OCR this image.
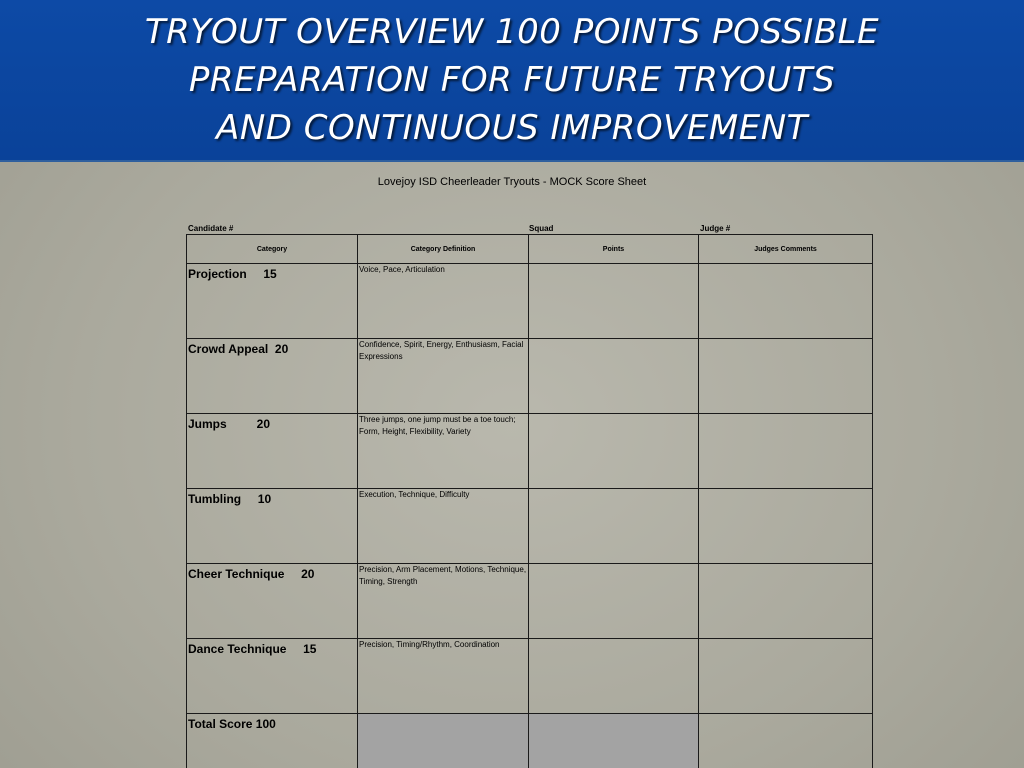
TRYOUT OVERVIEW 100 POINTS POSSIBLE
PREPARATION FOR FUTURE TRYOUTS
AND CONTINUOUS IMPROVEMENT
Lovejoy ISD Cheerleader Tryouts - MOCK Score Sheet
Candidate #	Squad	Judge #
Category	Category Definition	Points	Judges Comments
Projection     15	Voice, Pace, Articulation		
Crowd Appeal  20	Confidence, Spirit, Energy, Enthusiasm, Facial Expressions		
Jumps         20	Three jumps, one jump must be a toe touch; Form, Height, Flexibility, Variety		
Tumbling     10	Execution, Technique, Difficulty		
Cheer Technique     20	Precision, Arm Placement, Motions, Technique, Timing, Strength		
Dance Technique     15	Precision, Timing/Rhythm, Coordination		
Total Score 100			
